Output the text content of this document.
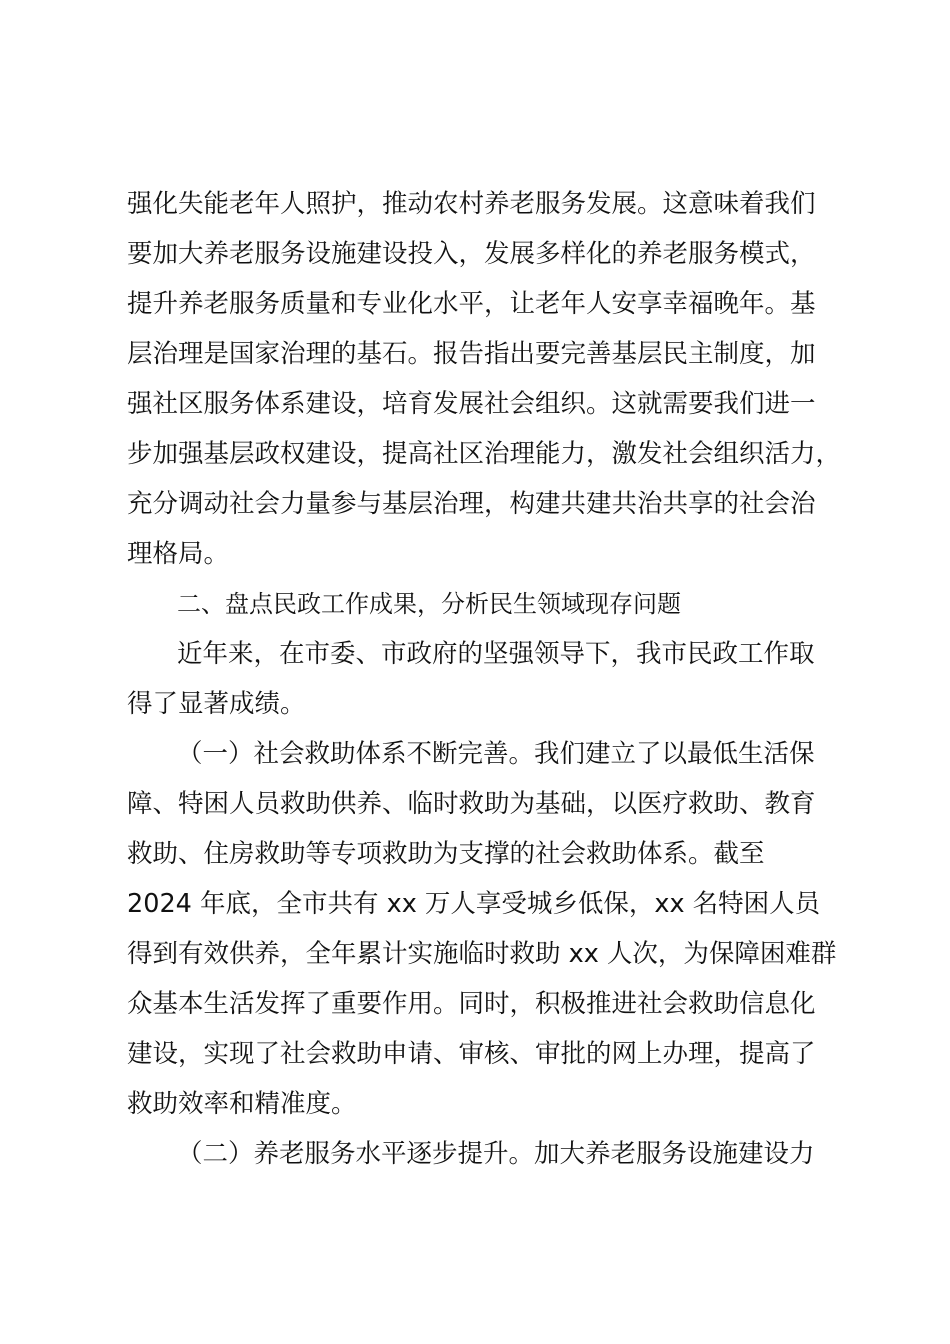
强化失能老年人照护，推动农村养老服务发展。这意味着我们
要加大养老服务设施建设投入，发展多样化的养老服务模式，
提升养老服务质量和专业化水平，让老年人安享幸福晚年。基
层治理是国家治理的基石。报告指出要完善基层民主制度，加
强社区服务体系建设，培育发展社会组织。这就需要我们进一
步加强基层政权建设，提高社区治理能力，激发社会组织活力，
充分调动社会力量参与基层治理，构建共建共治共享的社会治
理格局。
二、盘点民政工作成果，分析民生领域现存问题
近年来，在市委、市政府的坚强领导下，我市民政工作取
得了显著成绩。
（一）社会救助体系不断完善。我们建立了以最低生活保
障、特困人员救助供养、临时救助为基础，以医疗救助、教育
救助、住房救助等专项救助为支撑的社会救助体系。截至
2024 年底，全市共有 xx 万人享受城乡低保，xx 名特困人员
得到有效供养，全年累计实施临时救助 xx 人次，为保障困难群
众基本生活发挥了重要作用。同时，积极推进社会救助信息化
建设，实现了社会救助申请、审核、审批的网上办理，提高了
救助效率和精准度。
（二）养老服务水平逐步提升。加大养老服务设施建设力
